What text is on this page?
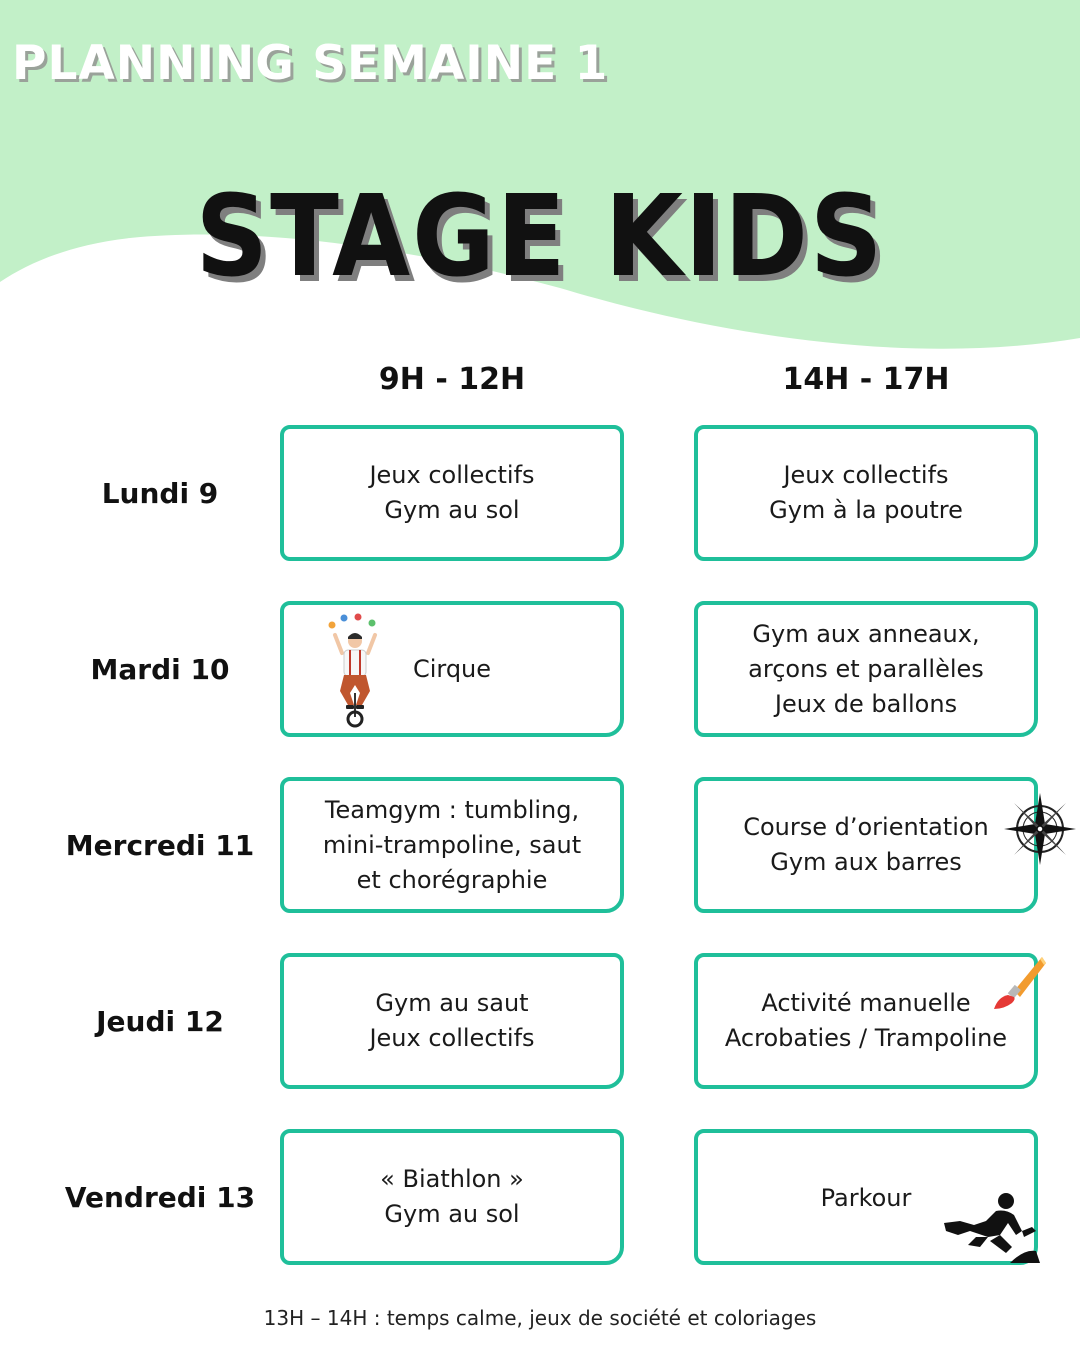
PLANNING SEMAINE 1
STAGE KIDS
9H - 12H	14H - 17H
Lundi 9
Jeux collectifs
Gym au sol
Jeux collectifs
Gym à la poutre
Mardi 10	Cirque
Gym aux anneaux,
arçons et parallèles
Jeux de ballons
Mercredi 11
Teamgym : tumbling,
mini-trampoline, saut
et chorégraphie
Course d’orientation
Gym aux barres
Jeudi 12
Gym au saut
Jeux collectifs
Activité manuelle
Acrobaties / Trampoline
Vendredi 13
« Biathlon »
Gym au sol
Parkour
13H – 14H : temps calme, jeux de société et coloriages
